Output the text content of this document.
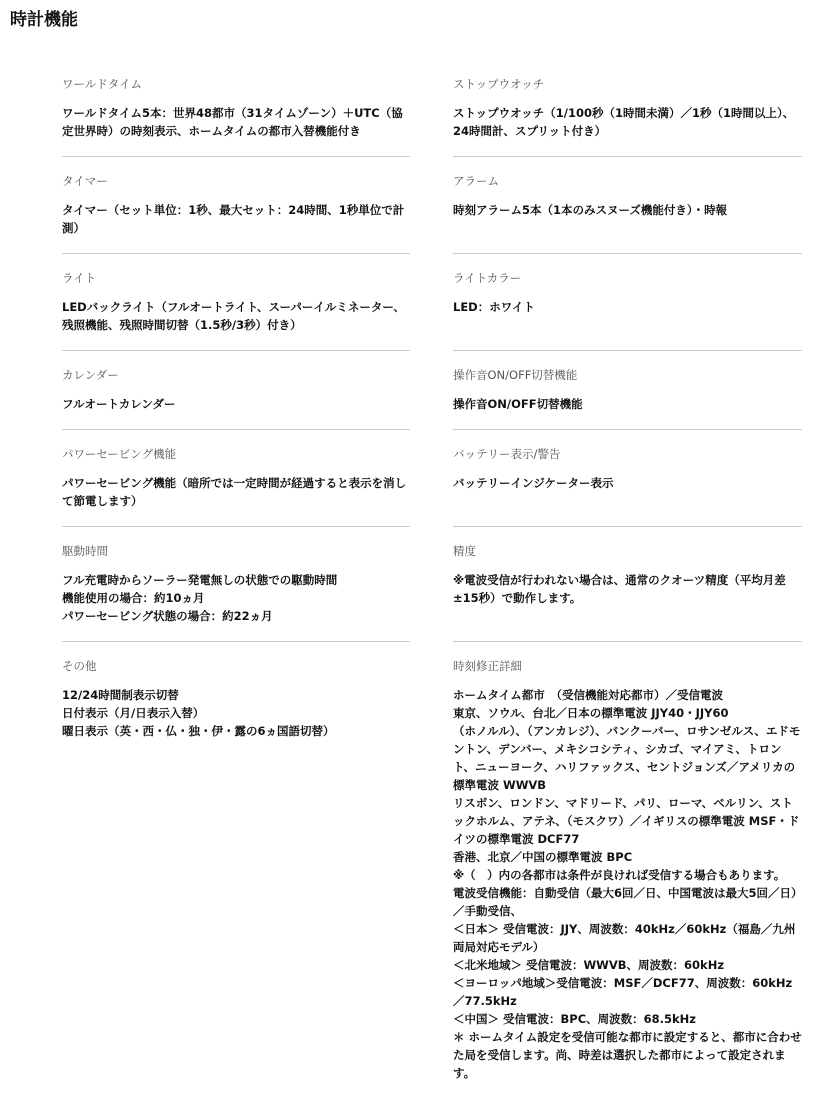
時計機能
ワールドタイム
ワールドタイム5本：世界48都市（31タイムゾーン）＋UTC（協定世界時）の時刻表示、ホームタイムの都市入替機能付き
ストップウオッチ
ストップウオッチ（1/100秒（1時間未満）／1秒（1時間以上）、24時間計、スプリット付き）
タイマー
タイマー（セット単位：1秒、最大セット：24時間、1秒単位で計測）
アラーム
時刻アラーム5本（1本のみスヌーズ機能付き）・時報
ライト
LEDバックライト（フルオートライト、スーパーイルミネーター、残照機能、残照時間切替（1.5秒/3秒）付き）
ライトカラー
LED：ホワイト
カレンダー
フルオートカレンダー
操作音ON/OFF切替機能
操作音ON/OFF切替機能
パワーセービング機能
パワーセービング機能（暗所では一定時間が経過すると表示を消して節電します）
バッテリー表示/警告
バッテリーインジケーター表示
駆動時間
フル充電時からソーラー発電無しの状態での駆動時間
機能使用の場合：約10ヵ月
パワーセービング状態の場合：約22ヵ月
精度
※電波受信が行われない場合は、通常のクオーツ精度（平均月差±15秒）で動作します。
その他
12/24時間制表示切替
日付表示（月/日表示入替）
曜日表示（英・西・仏・独・伊・露の6ヵ国語切替）
時刻修正詳細
ホームタイム都市　（受信機能対応都市）／受信電波
東京、ソウル、台北／日本の標準電波 JJY40・JJY60
（ホノルル）、（アンカレジ）、バンクーバー、ロサンゼルス、エドモントン、デンバー、メキシコシティ、シカゴ、マイアミ、トロント、ニューヨーク、ハリファックス、セントジョンズ／アメリカの標準電波 WWVB
リスボン、ロンドン、マドリード、パリ、ローマ、ベルリン、ストックホルム、アテネ、（モスクワ）／イギリスの標準電波 MSF・ドイツの標準電波 DCF77
香港、北京／中国の標準電波 BPC
※（　）内の各都市は条件が良ければ受信する場合もあります。
電波受信機能：自動受信（最大6回／日、中国電波は最大5回／日）／手動受信、
＜日本＞ 受信電波：JJY、周波数：40kHz／60kHz（福島／九州両局対応モデル）
＜北米地域＞ 受信電波：WWVB、周波数：60kHz
＜ヨーロッパ地域＞受信電波：MSF／DCF77、周波数：60kHz／77.5kHz
＜中国＞ 受信電波：BPC、周波数：68.5kHz
＊ ホームタイム設定を受信可能な都市に設定すると、都市に合わせた局を受信します。尚、時差は選択した都市によって設定されます。
